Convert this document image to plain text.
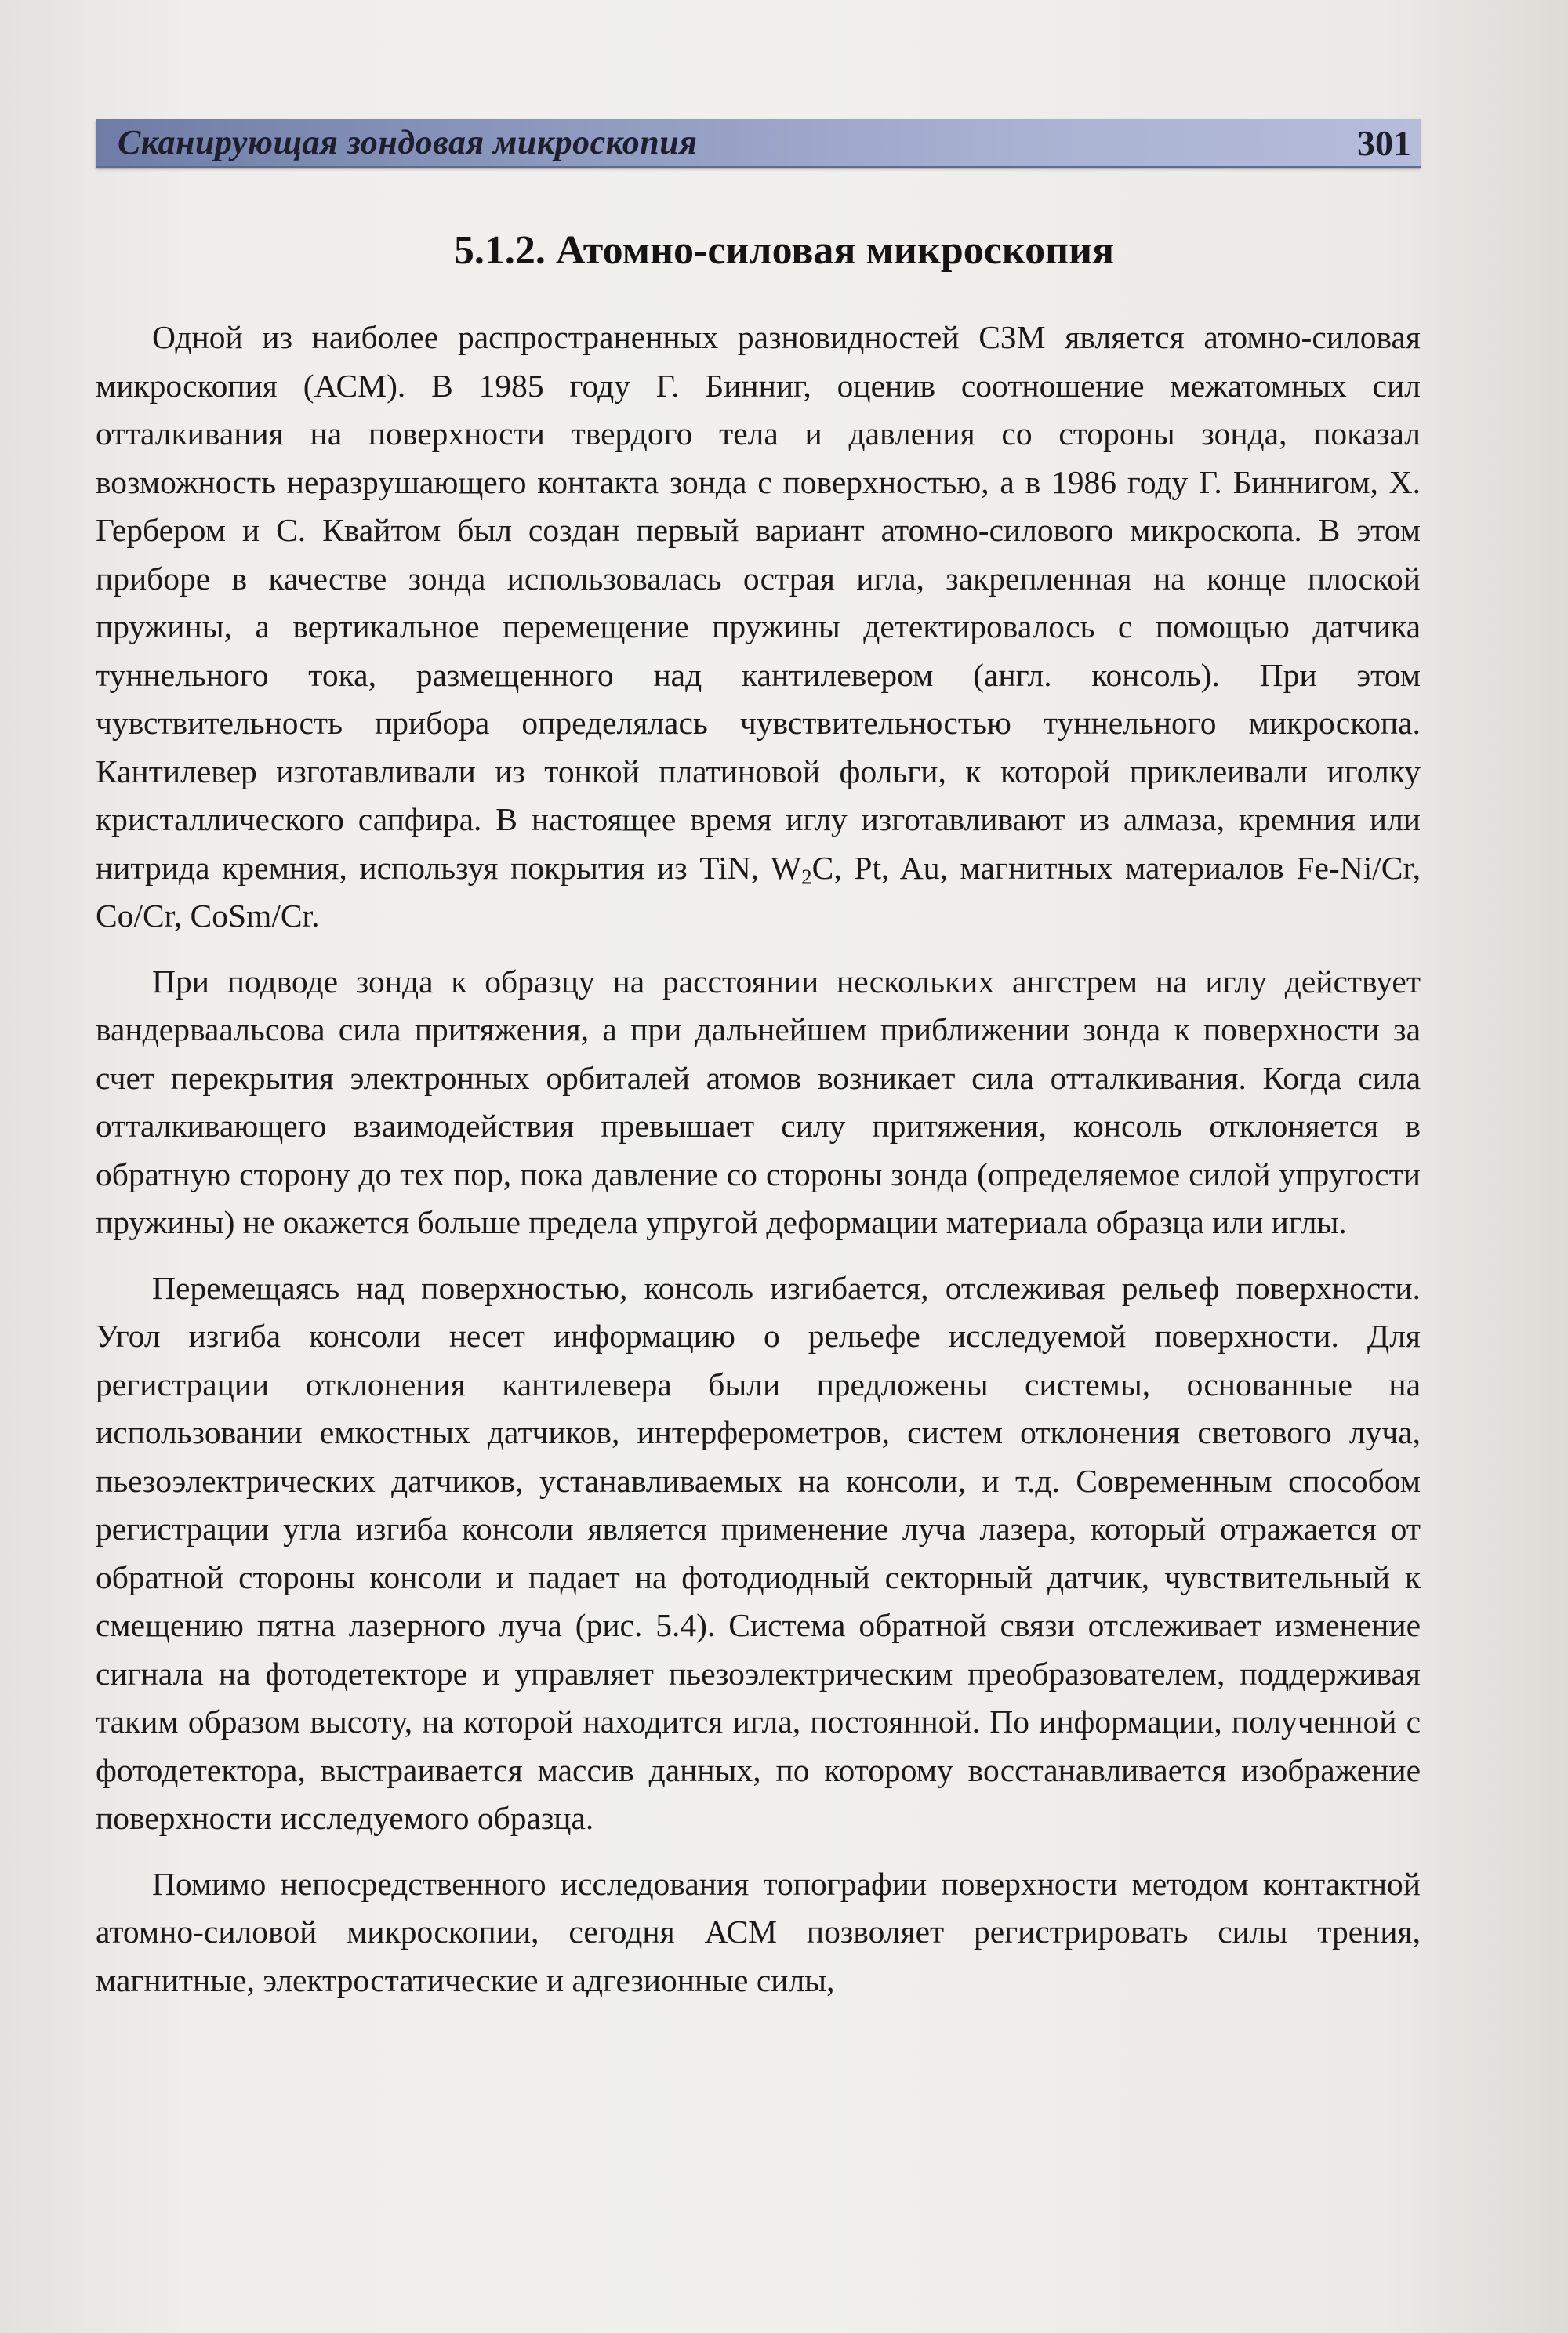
Сканирующая зондовая микроскопия	301
5.1.2. Атомно-силовая микроскопия

Одной из наиболее распространенных разновидностей СЗМ является атомно-силовая микроскопия (АСМ). В 1985 году Г. Бинниг, оценив соотношение межатомных сил отталкивания на поверхности твердого тела и давления со стороны зонда, показал возможность неразрушающего контакта зонда с поверхностью, а в 1986 году Г. Биннигом, Х. Гербером и С. Квайтом был создан первый вариант атомно-силового микроскопа. В этом приборе в качестве зонда использовалась острая игла, закрепленная на конце плоской пружины, а вертикальное перемещение пружины детектировалось с помощью датчика туннельного тока, размещенного над кантилевером (англ. консоль). При этом чувствительность прибора определялась чувствительностью туннельного микроскопа. Кантилевер изготавливали из тонкой платиновой фольги, к которой приклеивали иголку кристаллического сапфира. В настоящее время иглу изготавливают из алмаза, кремния или нитрида кремния, используя покрытия из TiN, $W_2C$, Pt, Au, магнитных материалов Fe-Ni/Cr, Co/Cr, CoSm/Cr.

При подводе зонда к образцу на расстоянии нескольких ангстрем на иглу действует вандерваальсова сила притяжения, а при дальнейшем приближении зонда к поверхности за счет перекрытия электронных орбиталей атомов возникает сила отталкивания. Когда сила отталкивающего взаимодействия превышает силу притяжения, консоль отклоняется в обратную сторону до тех пор, пока давление со стороны зонда (определяемое силой упругости пружины) не окажется больше предела упругой деформации материала образца или иглы.

Перемещаясь над поверхностью, консоль изгибается, отслеживая рельеф поверхности. Угол изгиба консоли несет информацию о рельефе исследуемой поверхности. Для регистрации отклонения кантилевера были предложены системы, основанные на использовании емкостных датчиков, интерферометров, систем отклонения светового луча, пьезоэлектрических датчиков, устанавливаемых на консоли, и т.д. Современным способом регистрации угла изгиба консоли является применение луча лазера, который отражается от обратной стороны консоли и падает на фотодиодный секторный датчик, чувствительный к смещению пятна лазерного луча (рис. 5.4). Система обратной связи отслеживает изменение сигнала на фотодетекторе и управляет пьезоэлектрическим преобразователем, поддерживая таким образом высоту, на которой находится игла, постоянной. По информации, полученной с фотодетектора, выстраивается массив данных, по которому восстанавливается изображение поверхности исследуемого образца.

Помимо непосредственного исследования топографии поверхности методом контактной атомно-силовой микроскопии, сегодня АСМ позволяет регистрировать силы трения, магнитные, электростатические и адгезионные силы,
